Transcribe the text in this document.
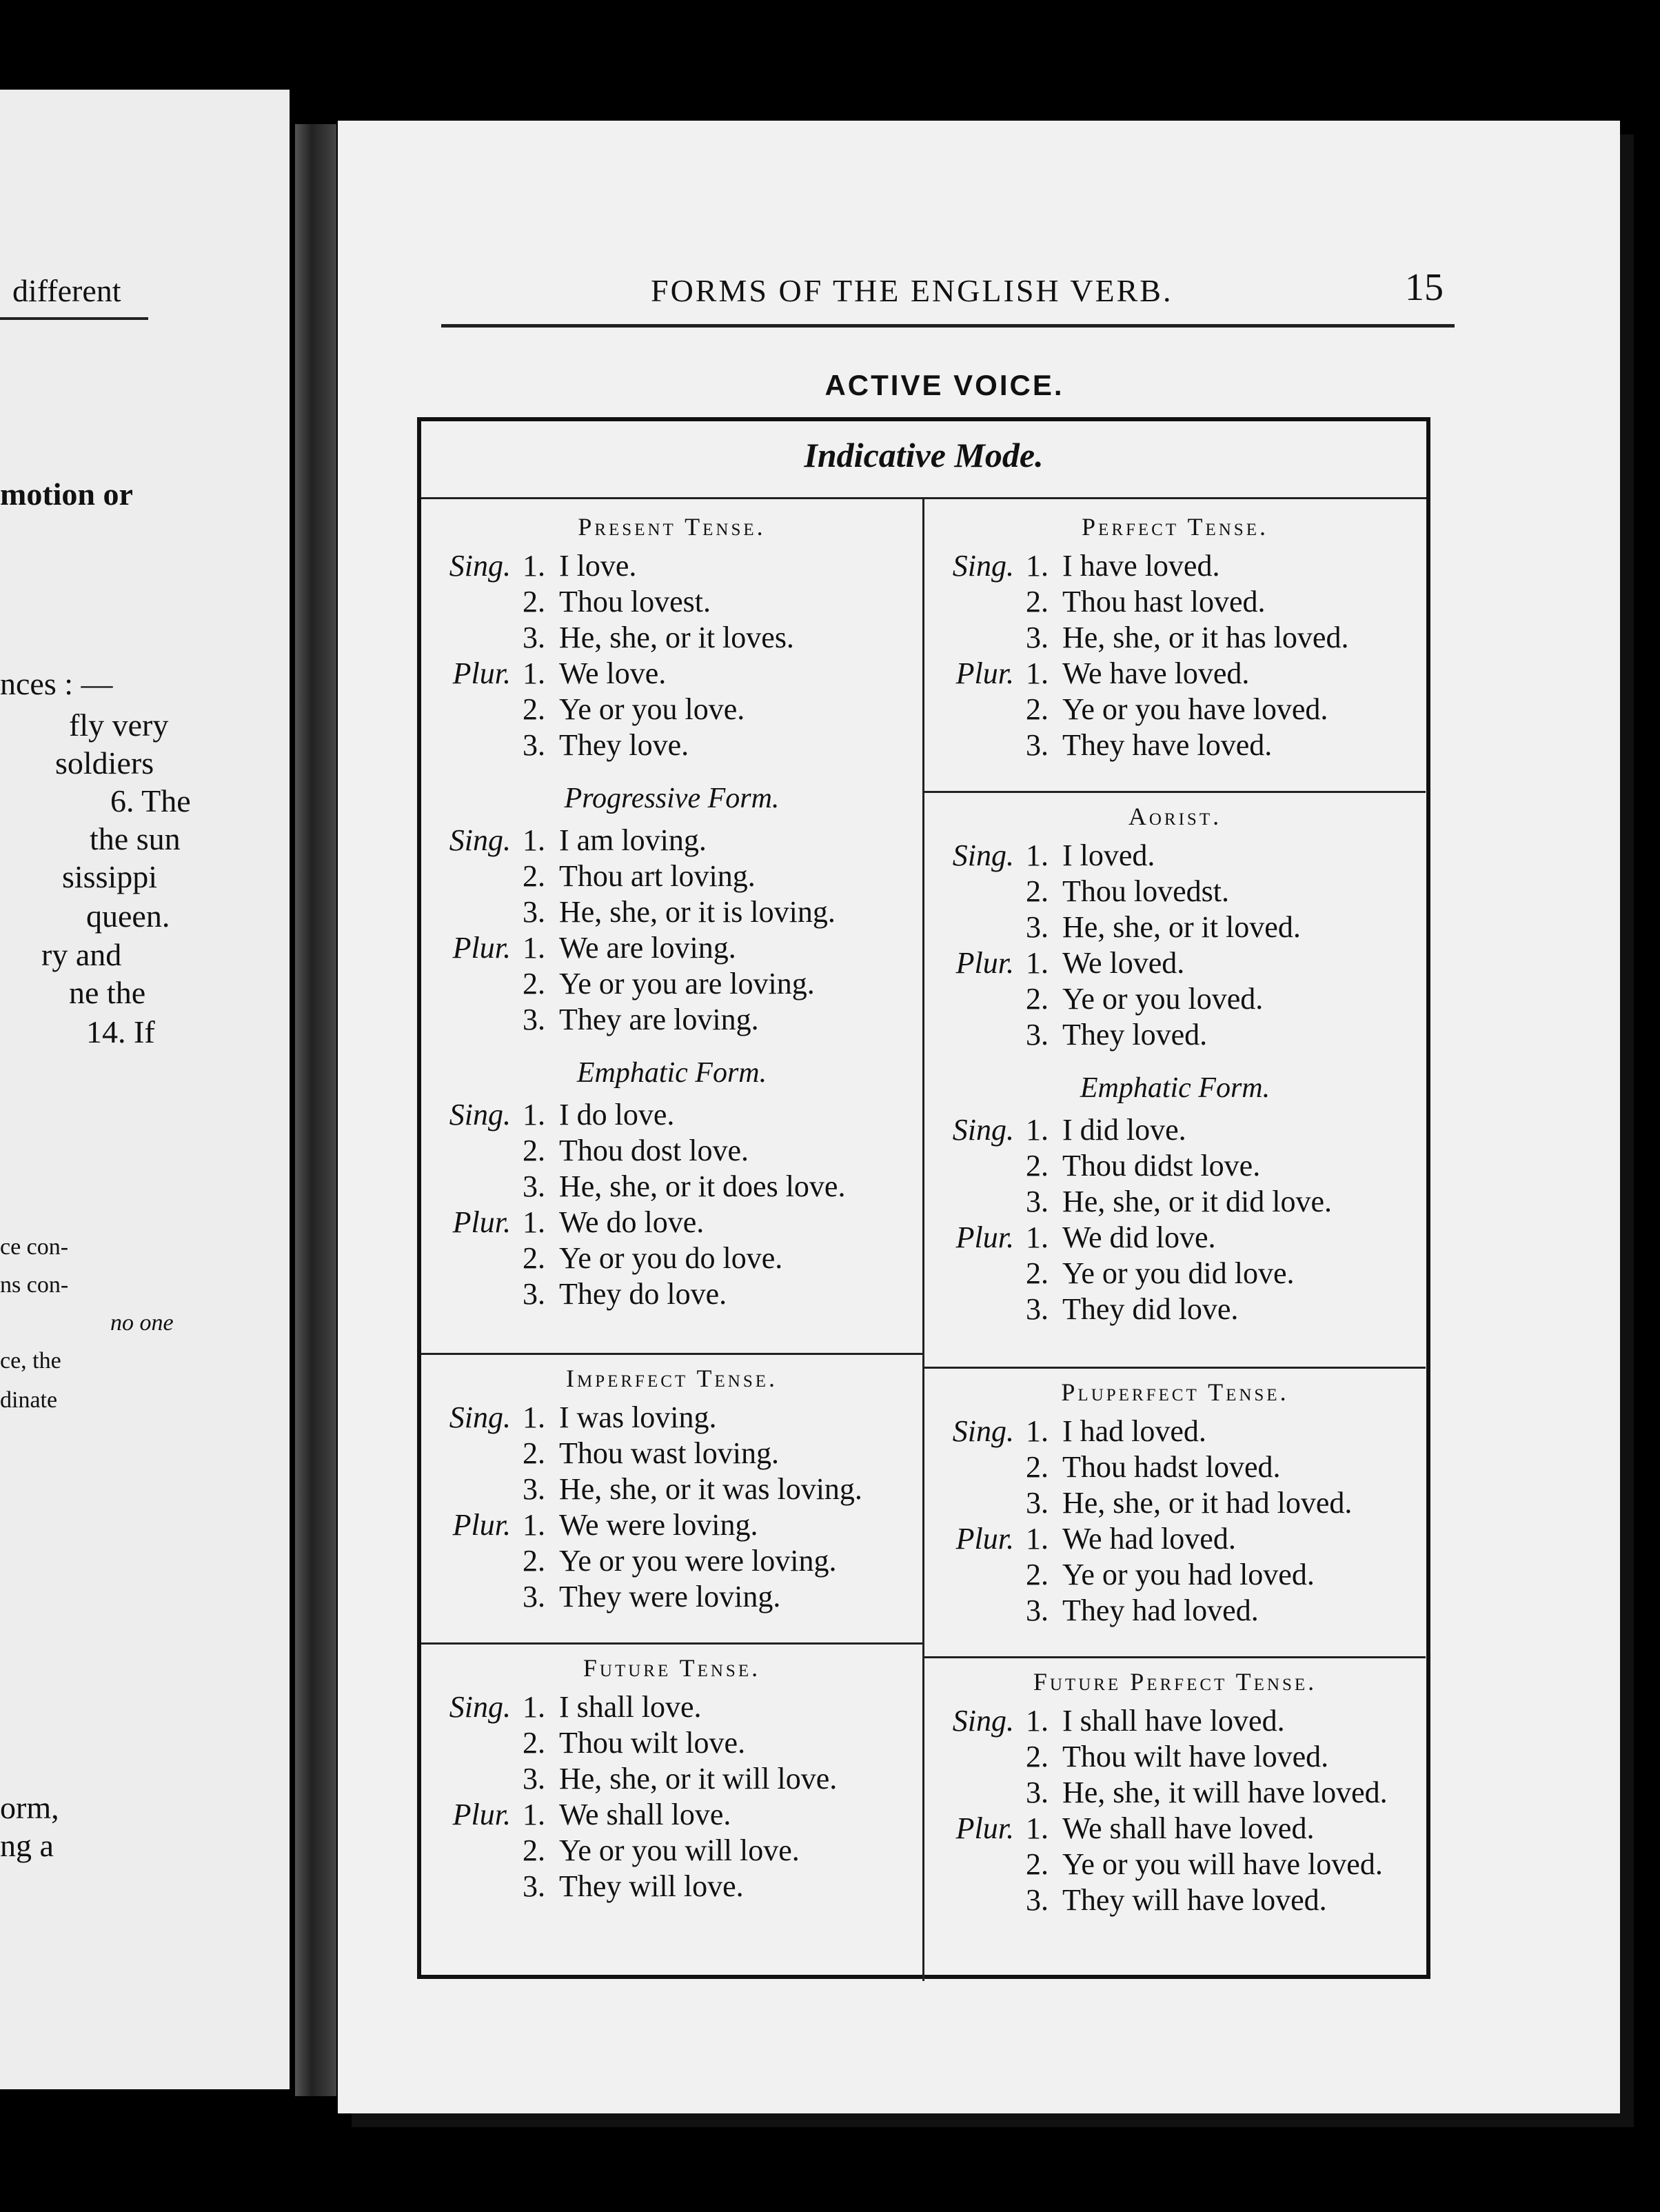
different
motion or
nces : —
fly very
soldiers
6. The
the sun
sissippi
queen.
ry and
ne the
14. If
ce con-
ns con-
no one
ce, the
dinate
orm,
ng a
FORMS OF THE ENGLISH VERB.	15
ACTIVE VOICE.
Indicative Mode.
Present Tense.
Sing. 1. I love.
2. Thou lovest.
3. He, she, or it loves.
Plur. 1. We love.
2. Ye or you love.
3. They love.
Progressive Form.
Sing. 1. I am loving.
2. Thou art loving.
3. He, she, or it is loving.
Plur. 1. We are loving.
2. Ye or you are loving.
3. They are loving.
Emphatic Form.
Sing. 1. I do love.
2. Thou dost love.
3. He, she, or it does love.
Plur. 1. We do love.
2. Ye or you do love.
3. They do love.
Imperfect Tense.
Sing. 1. I was loving.
2. Thou wast loving.
3. He, she, or it was loving.
Plur. 1. We were loving.
2. Ye or you were loving.
3. They were loving.
Future Tense.
Sing. 1. I shall love.
2. Thou wilt love.
3. He, she, or it will love.
Plur. 1. We shall love.
2. Ye or you will love.
3. They will love.
Perfect Tense.
Sing. 1. I have loved.
2. Thou hast loved.
3. He, she, or it has loved.
Plur. 1. We have loved.
2. Ye or you have loved.
3. They have loved.
Aorist.
Sing. 1. I loved.
2. Thou lovedst.
3. He, she, or it loved.
Plur. 1. We loved.
2. Ye or you loved.
3. They loved.
Emphatic Form.
Sing. 1. I did love.
2. Thou didst love.
3. He, she, or it did love.
Plur. 1. We did love.
2. Ye or you did love.
3. They did love.
Pluperfect Tense.
Sing. 1. I had loved.
2. Thou hadst loved.
3. He, she, or it had loved.
Plur. 1. We had loved.
2. Ye or you had loved.
3. They had loved.
Future Perfect Tense.
Sing. 1. I shall have loved.
2. Thou wilt have loved.
3. He, she, it will have loved.
Plur. 1. We shall have loved.
2. Ye or you will have loved.
3. They will have loved.
